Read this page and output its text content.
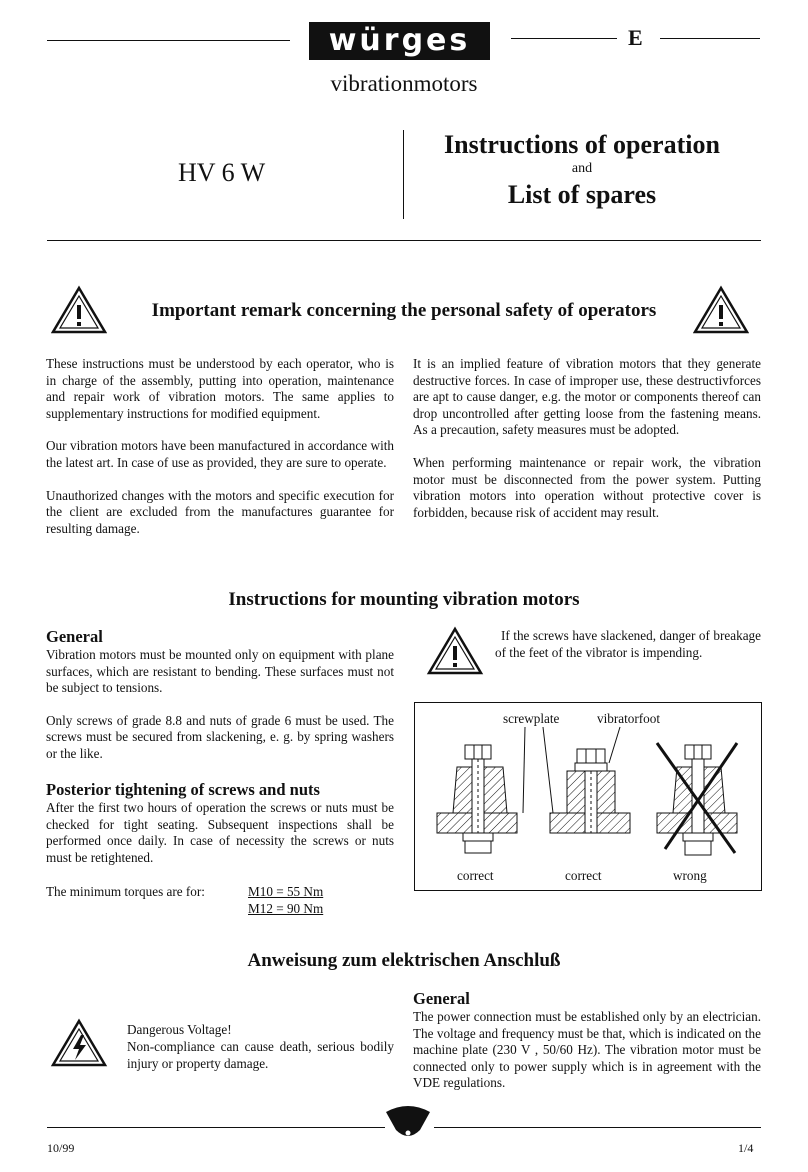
würges	E
vibrationmotors
HV 6 W
Instructions of operation
and
List of spares
Important remark concerning the personal safety of operators

These instructions must be understood by each operator, who is in charge of the assembly, putting into operation, maintenance and repair work of vibration motors. The same applies to supplementary instructions for modified equipment.

Our vibration motors have been manufactured in accordance with the latest art. In case of use as provided, they are sure to operate.

Unauthorized changes with the motors and specific execution for the client are excluded from the manufactures guarantee for resulting damage.

It is an implied feature of vibration motors that they generate destructive forces. In case of improper use, these destructivforces are apt to cause danger, e.g. the motor or components thereof can drop uncontrolled after getting loose from the fastening means. As a precaution, safety measures must be adopted.

When performing maintenance or repair work, the vibration motor must be disconnected from the power system. Putting vibration motors into operation without protective cover is forbidden, because risk of accident may result.

Instructions for mounting vibration motors
General

Vibration motors must be mounted only on equipment with plane surfaces, which are resistant to bending. These surfaces must not be subject to tensions.

Only screws of grade 8.8 and nuts of grade 6 must be used. The screws must be secured from slackening, e. g. by spring washers or the like.

Posterior tightening of screws and nuts
After the first two hours of operation the screws or nuts must be checked for tight seating. Subsequent inspections shall be performed once daily. In case of necessity the screws or nuts must be retightened.
The minimum torques are for:	M10 = 55 Nm
M12 = 90 Nm
If the screws have slackened, danger of breakage of the feet of the vibrator is impending.
screwplate	vibratorfoot
correct	correct	wrong
Anweisung zum elektrischen Anschluß
Dangerous Voltage!
Non-compliance can cause death, serious bodily injury or property damage.
General
The power connection must be established only by an electrician. The voltage and frequency must be that, which is indicated on the machine plate (230 V , 50/60 Hz). The vibration motor must be connected only to power supply which is in agreement with the VDE regulations.
10/99	1/4
